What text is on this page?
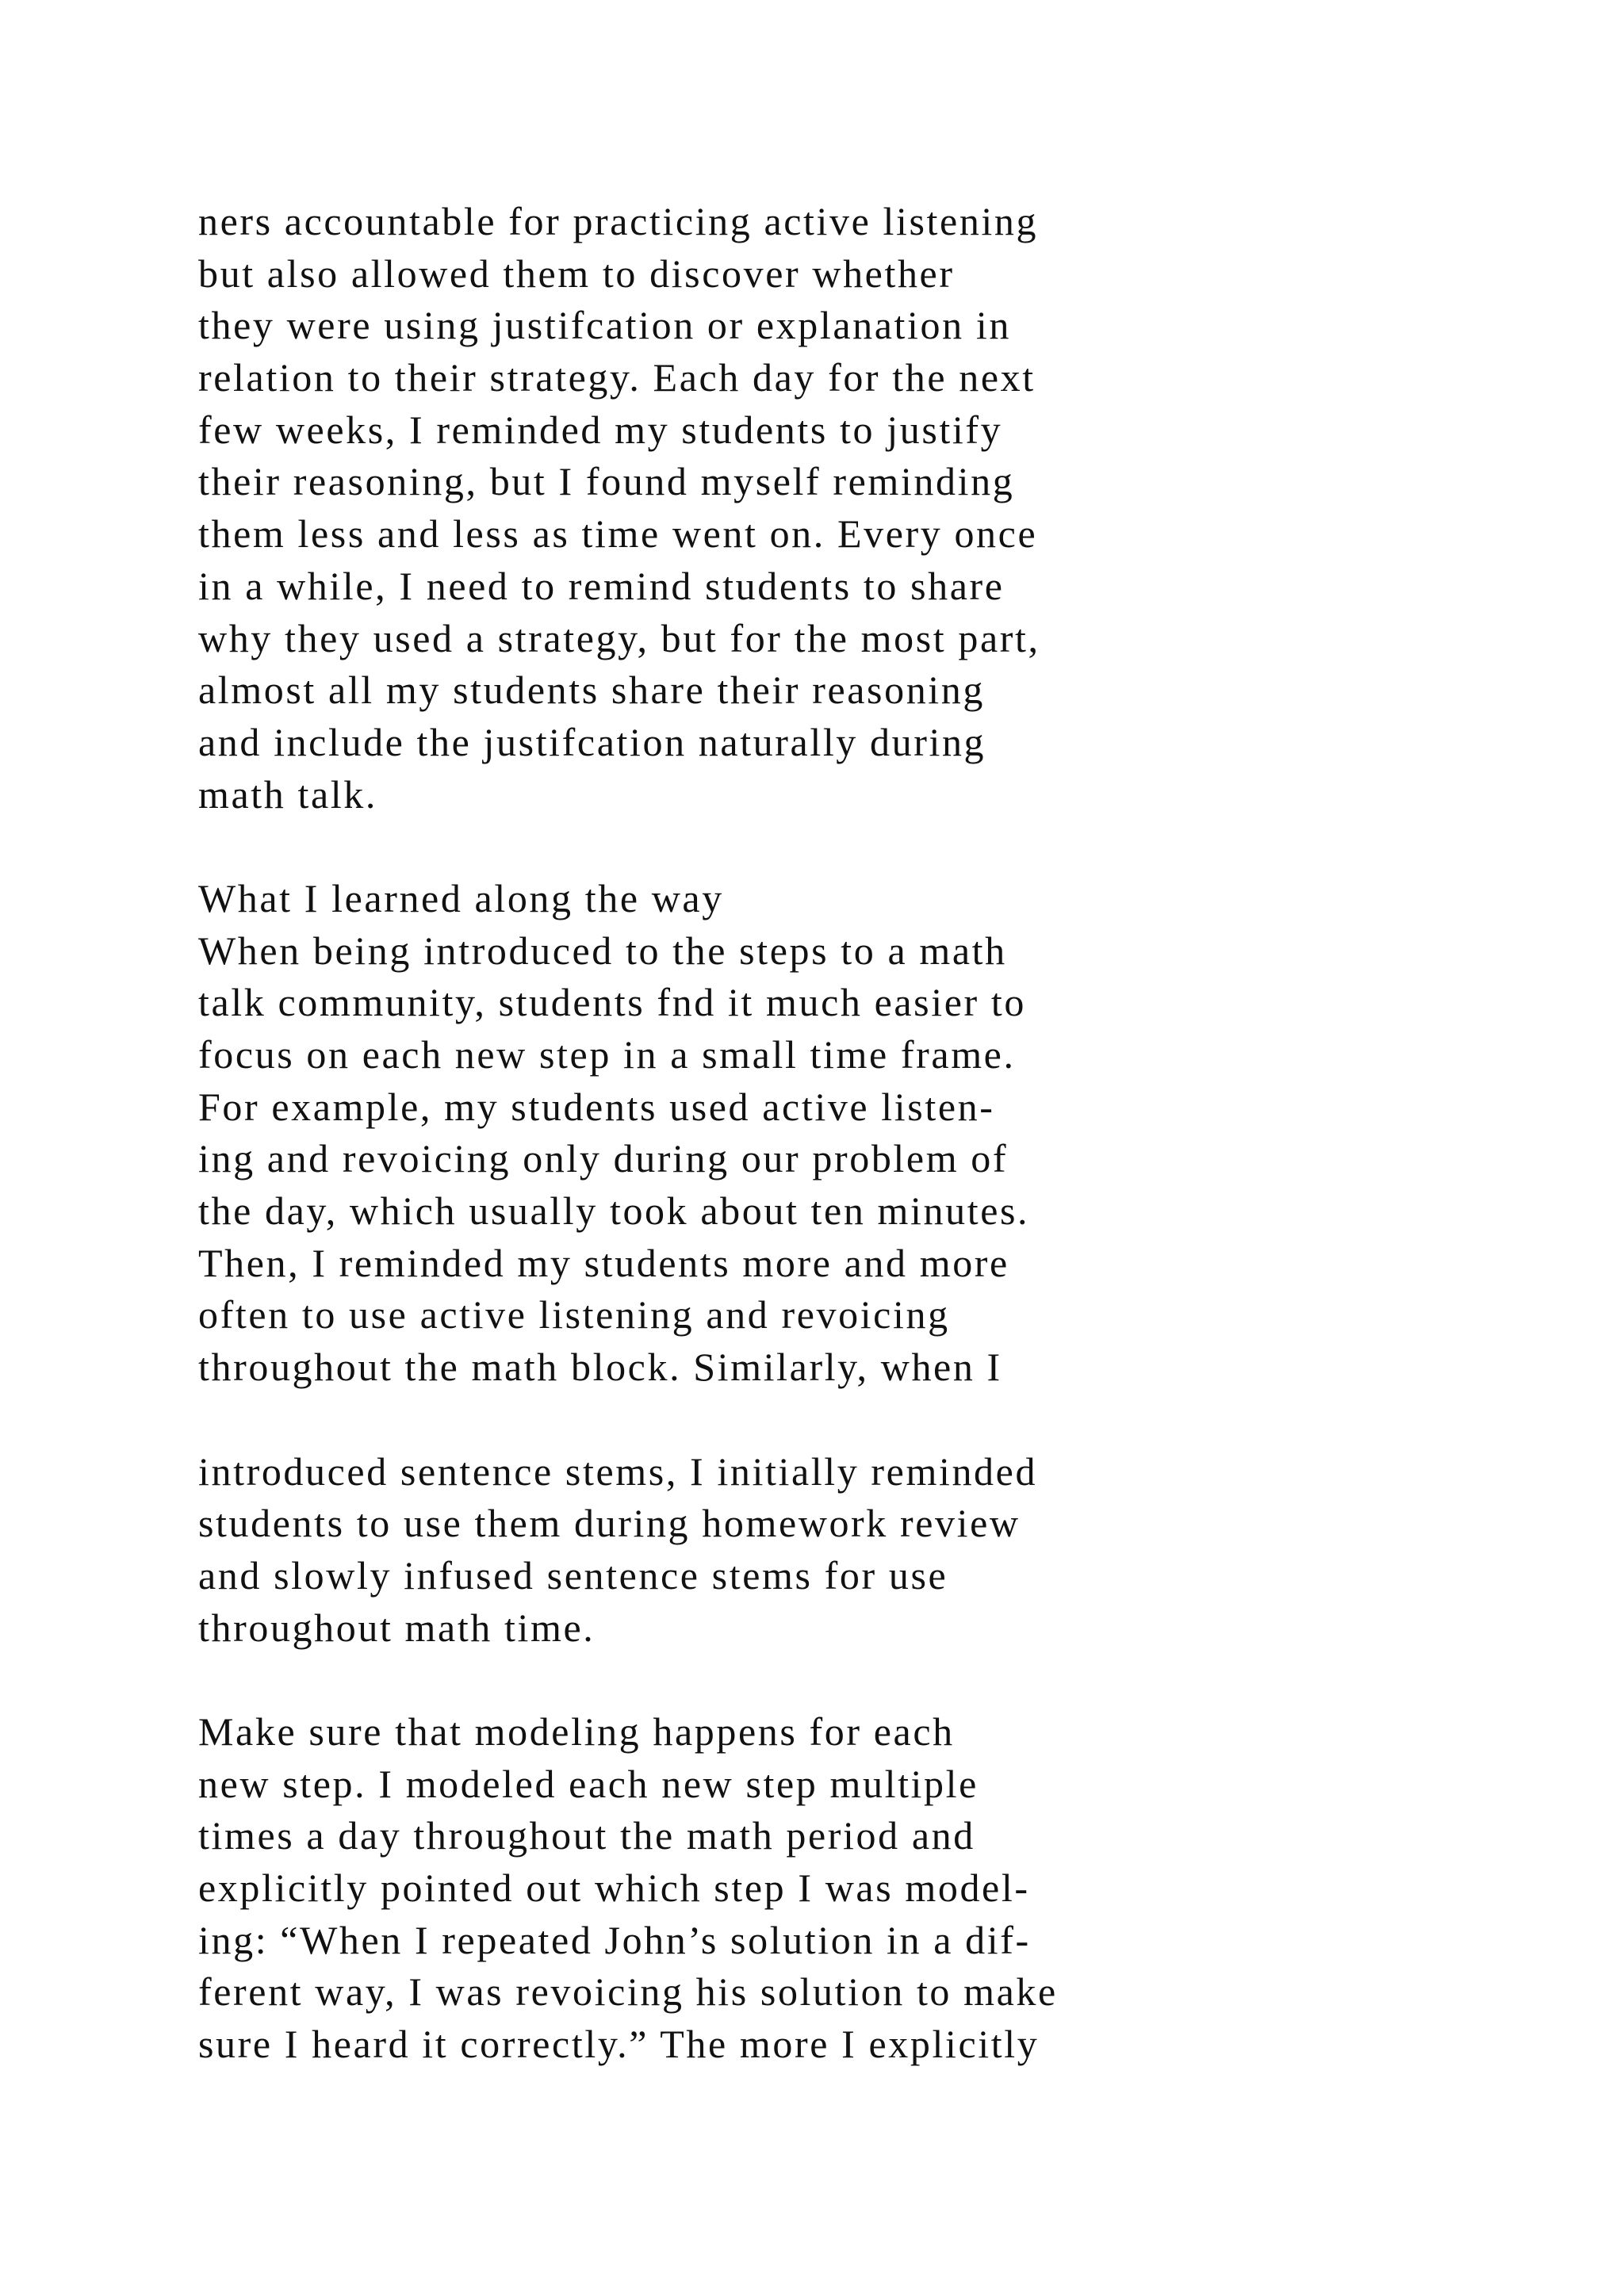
ners accountable for practicing active listening
but also allowed them to discover whether
they were using justifcation or explanation in
relation to their strategy. Each day for the next
few weeks, I reminded my students to justify
their reasoning, but I found myself reminding
them less and less as time went on. Every once
in a while, I need to remind students to share
why they used a strategy, but for the most part,
almost all my students share their reasoning
and include the justifcation naturally during
math talk.
What I learned along the way
When being introduced to the steps to a math
talk community, students fnd it much easier to
focus on each new step in a small time frame.
For example, my students used active listen-
ing and revoicing only during our problem of
the day, which usually took about ten minutes.
Then, I reminded my students more and more
often to use active listening and revoicing
throughout the math block. Similarly, when I
introduced sentence stems, I initially reminded
students to use them during homework review
and slowly infused sentence stems for use
throughout math time.
Make sure that modeling happens for each
new step. I modeled each new step multiple
times a day throughout the math period and
explicitly pointed out which step I was model-
ing: “When I repeated John’s solution in a dif-
ferent way, I was revoicing his solution to make
sure I heard it correctly.” The more I explicitly
